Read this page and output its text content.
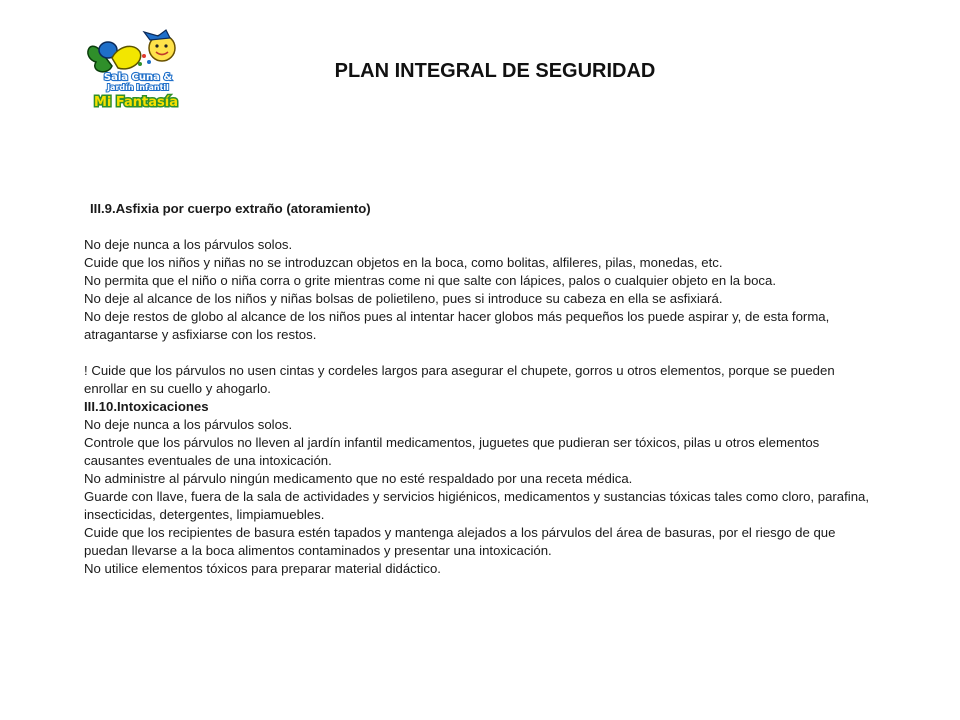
Sala Cuna &
Jardín Infantil
Mi Fantasía
PLAN INTEGRAL DE SEGURIDAD

III.9.Asfixia por cuerpo extraño (atoramiento)

No deje nunca a los párvulos solos.

Cuide que los niños y niñas no se introduzcan objetos en la boca, como bolitas, alfileres, pilas, monedas, etc.

No permita que el niño o niña corra o grite mientras come ni que salte con lápices, palos o cualquier objeto en la boca.

No deje al alcance de los niños y niñas bolsas de polietileno, pues si introduce su cabeza en ella se asfixiará.

No deje restos de globo al alcance de los niños pues al intentar hacer globos más pequeños los puede aspirar y, de esta forma, atragantarse y asfixiarse con los restos.

! Cuide que los párvulos no usen cintas y cordeles largos para asegurar el chupete, gorros u otros elementos, porque se pueden enrollar en su cuello y ahogarlo.

III.10.Intoxicaciones

No deje nunca a los párvulos solos.

Controle que los párvulos no lleven al jardín infantil medicamentos, juguetes que pudieran ser tóxicos, pilas u otros elementos causantes eventuales de una intoxicación.

No administre al párvulo ningún medicamento que no esté respaldado por una receta médica.

Guarde con llave, fuera de la sala de actividades y servicios higiénicos, medicamentos y sustancias tóxicas tales como cloro, parafina, insecticidas, detergentes, limpiamuebles.

Cuide que los recipientes de basura estén tapados y mantenga alejados a los párvulos del área de basuras, por el riesgo de que puedan llevarse a la boca alimentos contaminados y presentar una intoxicación.

No utilice elementos tóxicos para preparar material didáctico.
